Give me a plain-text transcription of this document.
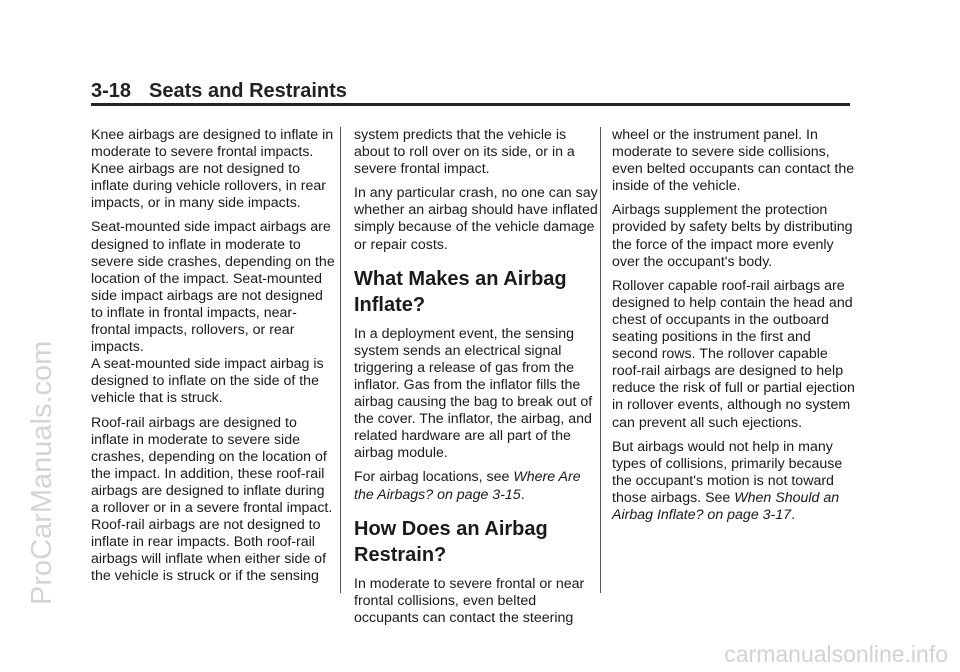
3-18 Seats and Restraints

Knee airbags are designed to inflate in moderate to severe frontal impacts. Knee airbags are not designed to inflate during vehicle rollovers, in rear impacts, or in many side impacts.

Seat-mounted side impact airbags are designed to inflate in moderate to severe side crashes, depending on the location of the impact. Seat-mounted side impact airbags are not designed to inflate in frontal impacts, near-frontal impacts, rollovers, or rear impacts.

A seat-mounted side impact airbag is designed to inflate on the side of the vehicle that is struck.

Roof-rail airbags are designed to inflate in moderate to severe side crashes, depending on the location of the impact. In addition, these roof-rail airbags are designed to inflate during a rollover or in a severe frontal impact. Roof-rail airbags are not designed to inflate in rear impacts. Both roof-rail airbags will inflate when either side of the vehicle is struck or if the sensing

system predicts that the vehicle is about to roll over on its side, or in a severe frontal impact.

In any particular crash, no one can say whether an airbag should have inflated simply because of the vehicle damage or repair costs.

What Makes an Airbag Inflate?

In a deployment event, the sensing system sends an electrical signal triggering a release of gas from the inflator. Gas from the inflator fills the airbag causing the bag to break out of the cover. The inflator, the airbag, and related hardware are all part of the airbag module.

For airbag locations, see Where Are the Airbags? on page 3-15.

How Does an Airbag Restrain?

In moderate to severe frontal or near frontal collisions, even belted occupants can contact the steering

wheel or the instrument panel. In moderate to severe side collisions, even belted occupants can contact the inside of the vehicle.

Airbags supplement the protection provided by safety belts by distributing the force of the impact more evenly over the occupant's body.

Rollover capable roof-rail airbags are designed to help contain the head and chest of occupants in the outboard seating positions in the first and second rows. The rollover capable roof-rail airbags are designed to help reduce the risk of full or partial ejection in rollover events, although no system can prevent all such ejections.

But airbags would not help in many types of collisions, primarily because the occupant's motion is not toward those airbags. See When Should an Airbag Inflate? on page 3-17.

ProCarManuals.com
carmanualsonline.info
